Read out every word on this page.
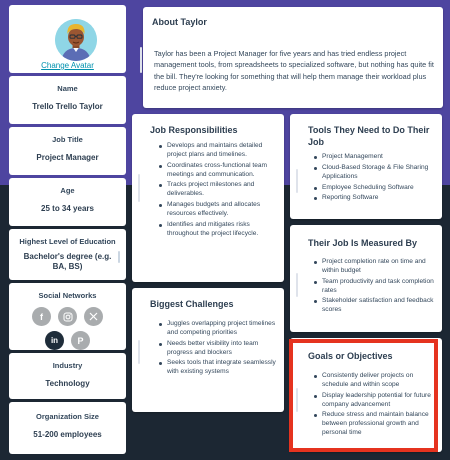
Change Avatar
Name
Trello Trello Taylor
Job Title
Project Manager
Age
25 to 34 years
Highest Level of Education
Bachelor's degree (e.g. BA, BS)
Social Networks
f
in	P
Industry
Technology
Organization Size
51-200 employees
About Taylor
Taylor has been a Project Manager for five years and has tried endless project management tools, from spreadsheets to specialized software, but nothing has quite fit the bill. They're looking for something that will help them manage their workload plus reduce project anxiety.
Job Responsibilities
Develops and maintains detailed project plans and timelines.
Coordinates cross-functional team meetings and communication.
Tracks project milestones and deliverables.
Manages budgets and allocates resources effectively.
Identifies and mitigates risks throughout the project lifecycle.
Tools They Need to Do Their Job
Project Management
Cloud-Based Storage & File Sharing Applications
Employee Scheduling Software
Reporting Software
Their Job Is Measured By
Project completion rate on time and within budget
Team productivity and task completion rates
Stakeholder satisfaction and feedback scores
Biggest Challenges
Juggles overlapping project timelines and competing priorities
Needs better visibility into team progress and blockers
Seeks tools that integrate seamlessly with existing systems
Goals or Objectives
Consistently deliver projects on schedule and within scope
Display leadership potential for future company advancement
Reduce stress and maintain balance between professional growth and personal time
